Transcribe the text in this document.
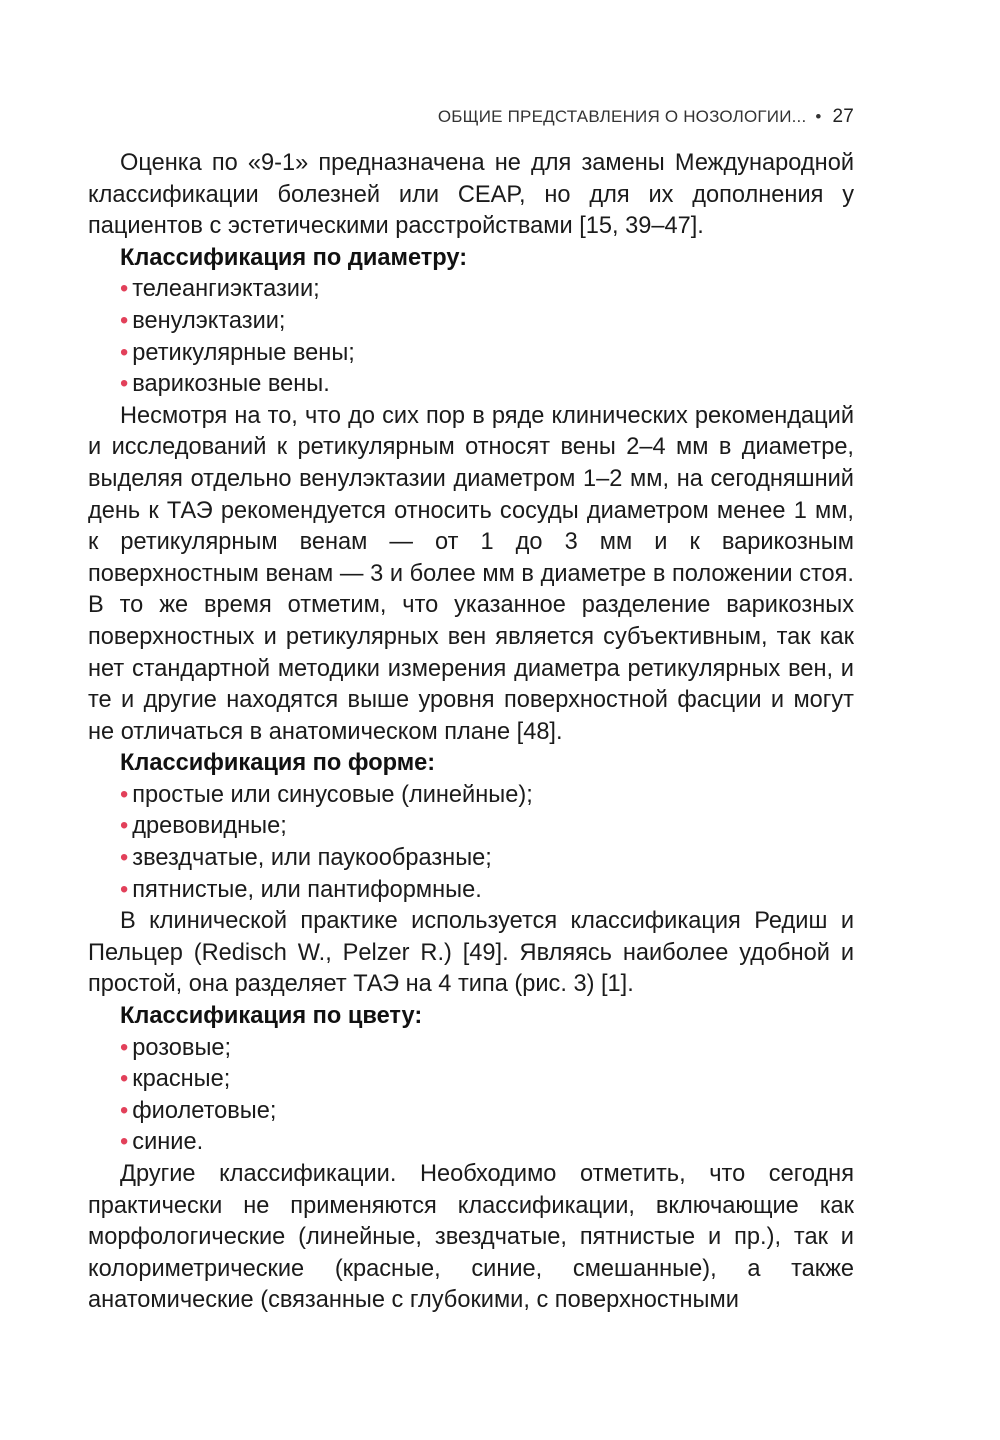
ОБЩИЕ ПРЕДСТАВЛЕНИЯ О НОЗОЛОГИИ... • 27

Оценка по «9-1» предназначена не для замены Международной классификации болезней или CEAP, но для их дополнения у пациентов с эстетическими расстройствами [15, 39–47].

Классификация по диаметру:

• телеангиэктазии;
• венулэктазии;
• ретикулярные вены;
• варикозные вены.

Несмотря на то, что до сих пор в ряде клинических рекомендаций и исследований к ретикулярным относят вены 2–4 мм в диаметре, выделяя отдельно венулэктазии диаметром 1–2 мм, на сегодняшний день к ТАЭ рекомендуется относить сосуды диаметром менее 1 мм, к ретикулярным венам — от 1 до 3 мм и к варикозным поверхностным венам — 3 и более мм в диаметре в положении стоя. В то же время отметим, что указанное разделение варикозных поверхностных и ретикулярных вен является субъективным, так как нет стандартной методики измерения диаметра ретикулярных вен, и те и другие находятся выше уровня поверхностной фасции и могут не отличаться в анатомическом плане [48].

Классификация по форме:

• простые или синусовые (линейные);
• древовидные;
• звездчатые, или паукообразные;
• пятнистые, или пантиформные.

В клинической практике используется классификация Редиш и Пельцер (Redisch W., Pelzer R.) [49]. Являясь наиболее удобной и простой, она разделяет ТАЭ на 4 типа (рис. 3) [1].

Классификация по цвету:

• розовые;
• красные;
• фиолетовые;
• синие.

Другие классификации. Необходимо отметить, что сегодня практически не применяются классификации, включающие как морфологические (линейные, звездчатые, пятнистые и пр.), так и колориметрические (красные, синие, смешанные), а также анатомические (связанные с глубокими, с поверхностными
